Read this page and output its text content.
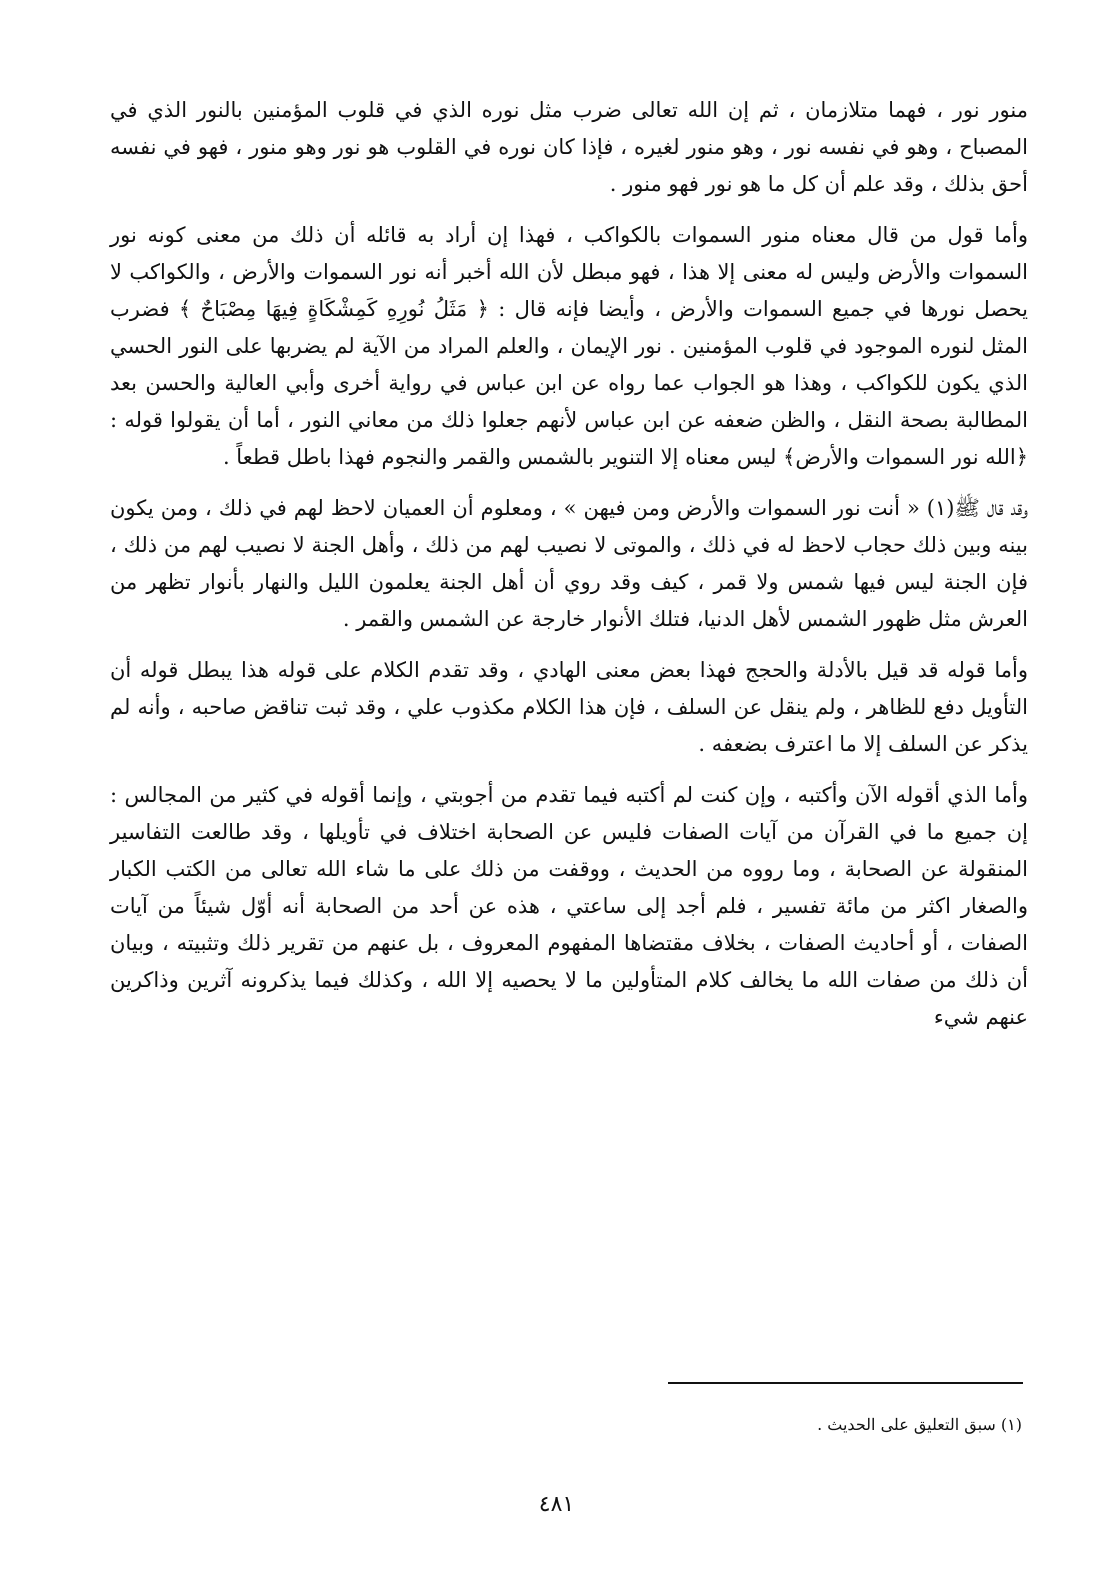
منور نور ، فهما متلازمان ، ثم إن الله تعالى ضرب مثل نوره الذي في قلوب المؤمنين بالنور الذي في المصباح ، وهو في نفسه نور ، وهو منور لغيره ، فإذا كان نوره في القلوب هو نور وهو منور ، فهو في نفسه أحق بذلك ، وقد علم أن كل ما هو نور فهو منور .

وأما قول من قال معناه منور السموات بالكواكب ، فهذا إن أراد به قائله أن ذلك من معنى كونه نور السموات والأرض وليس له معنى إلا هذا ، فهو مبطل لأن الله أخبر أنه نور السموات والأرض ، والكواكب لا يحصل نورها في جميع السموات والأرض ، وأيضا فإنه قال : ﴿ مَثَلُ نُورِهِ كَمِشْكَاةٍ فِيهَا مِصْبَاحٌ ﴾ فضرب المثل لنوره الموجود في قلوب المؤمنين . نور الإيمان ، والعلم المراد من الآية لم يضربها على النور الحسي الذي يكون للكواكب ، وهذا هو الجواب عما رواه عن ابن عباس في رواية أخرى وأبي العالية والحسن بعد المطالبة بصحة النقل ، والظن ضعفه عن ابن عباس لأنهم جعلوا ذلك من معاني النور ، أما أن يقولوا قوله : ﴿الله نور السموات والأرض﴾ ليس معناه إلا التنوير بالشمس والقمر والنجوم فهذا باطل قطعاً .

وقد قال ﷺ(١) « أنت نور السموات والأرض ومن فيهن » ، ومعلوم أن العميان لاحظ لهم في ذلك ، ومن يكون بينه وبين ذلك حجاب لاحظ له في ذلك ، والموتى لا نصيب لهم من ذلك ، وأهل الجنة لا نصيب لهم من ذلك ، فإن الجنة ليس فيها شمس ولا قمر ، كيف وقد روي أن أهل الجنة يعلمون الليل والنهار بأنوار تظهر من العرش مثل ظهور الشمس لأهل الدنيا، فتلك الأنوار خارجة عن الشمس والقمر .

وأما قوله قد قيل بالأدلة والحجج فهذا بعض معنى الهادي ، وقد تقدم الكلام على قوله هذا يبطل قوله أن التأويل دفع للظاهر ، ولم ينقل عن السلف ، فإن هذا الكلام مكذوب علي ، وقد ثبت تناقض صاحبه ، وأنه لم يذكر عن السلف إلا ما اعترف بضعفه .

وأما الذي أقوله الآن وأكتبه ، وإن كنت لم أكتبه فيما تقدم من أجوبتي ، وإنما أقوله في كثير من المجالس : إن جميع ما في القرآن من آيات الصفات فليس عن الصحابة اختلاف في تأويلها ، وقد طالعت التفاسير المنقولة عن الصحابة ، وما رووه من الحديث ، ووقفت من ذلك على ما شاء الله تعالى من الكتب الكبار والصغار اكثر من مائة تفسير ، فلم أجد إلى ساعتي ، هذه عن أحد من الصحابة أنه أوّل شيئاً من آيات الصفات ، أو أحاديث الصفات ، بخلاف مقتضاها المفهوم المعروف ، بل عنهم من تقرير ذلك وتثبيته ، وبيان أن ذلك من صفات الله ما يخالف كلام المتأولين ما لا يحصيه إلا الله ، وكذلك فيما يذكرونه آثرين وذاكرين عنهم شيء

(١) سبق التعليق على الحديث .
٤٨١
